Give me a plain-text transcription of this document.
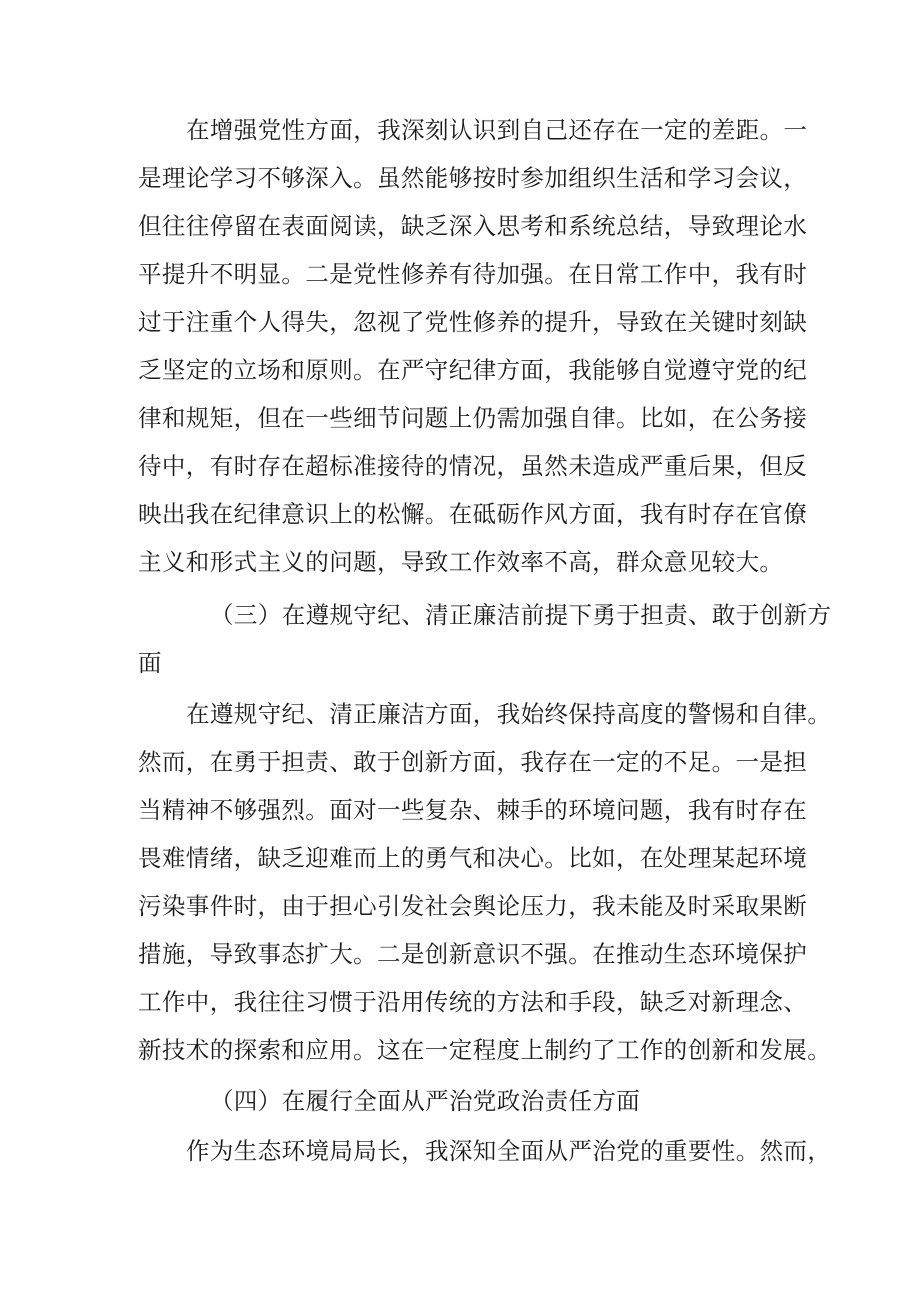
在增强党性方面，我深刻认识到自己还存在一定的差距。一
是理论学习不够深入。虽然能够按时参加组织生活和学习会议，
但往往停留在表面阅读，缺乏深入思考和系统总结，导致理论水
平提升不明显。二是党性修养有待加强。在日常工作中，我有时
过于注重个人得失，忽视了党性修养的提升，导致在关键时刻缺
乏坚定的立场和原则。在严守纪律方面，我能够自觉遵守党的纪
律和规矩，但在一些细节问题上仍需加强自律。比如，在公务接
待中，有时存在超标准接待的情况，虽然未造成严重后果，但反
映出我在纪律意识上的松懈。在砥砺作风方面，我有时存在官僚
主义和形式主义的问题，导致工作效率不高，群众意见较大。
（三）在遵规守纪、清正廉洁前提下勇于担责、敢于创新方
面
在遵规守纪、清正廉洁方面，我始终保持高度的警惕和自律。
然而，在勇于担责、敢于创新方面，我存在一定的不足。一是担
当精神不够强烈。面对一些复杂、棘手的环境问题，我有时存在
畏难情绪，缺乏迎难而上的勇气和决心。比如，在处理某起环境
污染事件时，由于担心引发社会舆论压力，我未能及时采取果断
措施，导致事态扩大。二是创新意识不强。在推动生态环境保护
工作中，我往往习惯于沿用传统的方法和手段，缺乏对新理念、
新技术的探索和应用。这在一定程度上制约了工作的创新和发展。
（四）在履行全面从严治党政治责任方面
作为生态环境局局长，我深知全面从严治党的重要性。然而，
